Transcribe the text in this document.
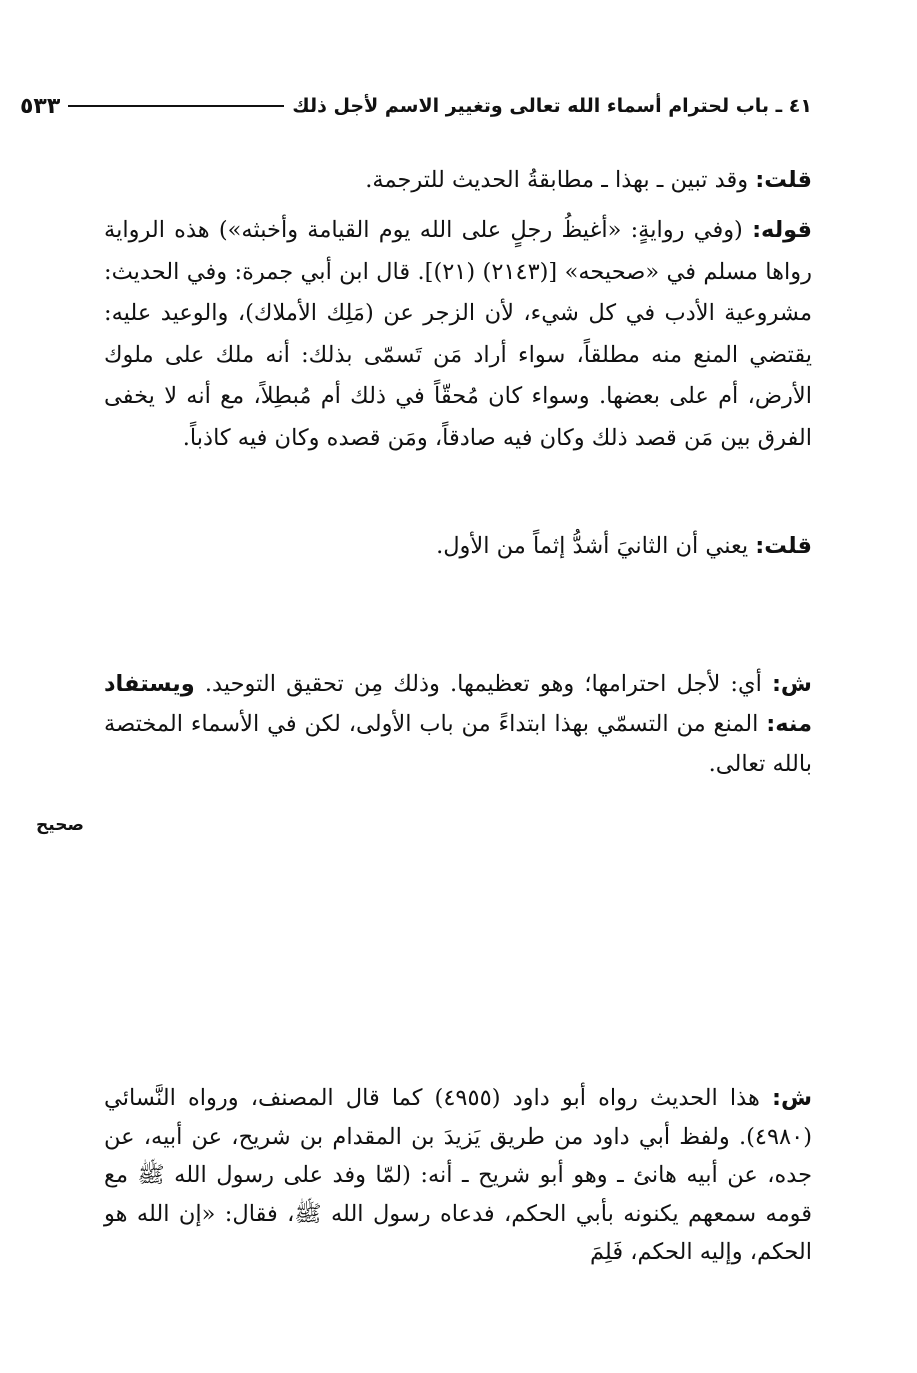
٤١ ـ باب لحترام أسماء الله تعالى وتغيير الاسم لأجل ذلك
٥٣٣

قلت: وقد تبين ـ بهذا ـ مطابقةُ الحديث للترجمة.

قوله: (وفي روايةٍ: «أغيظُ رجلٍ على الله يوم القيامة وأخبثه») هذه الرواية رواها مسلم في «صحيحه» [(٢١٤٣) (٢١)]. قال ابن أبي جمرة: وفي الحديث: مشروعية الأدب في كل شيء، لأن الزجر عن (مَلِك الأملاك)، والوعيد عليه: يقتضي المنع منه مطلقاً، سواء أراد مَن تَسمّى بذلك: أنه ملك على ملوك الأرض، أم على بعضها. وسواء كان مُحقّاً في ذلك أم مُبطِلاً، مع أنه لا يخفى الفرق بين مَن قصد ذلك وكان فيه صادقاً، ومَن قصده وكان فيه كاذباً.

قلت: يعني أن الثانيَ أشدُّ إثماً من الأول.

ش: أي: لأجل احترامها؛ وهو تعظيمها. وذلك مِن تحقيق التوحيد. ويستفاد منه: المنع من التسمّي بهذا ابتداءً من باب الأولى، لكن في الأسماء المختصة بالله تعالى.

صحيح

ش: هذا الحديث رواه أبو داود (٤٩٥٥) كما قال المصنف، ورواه النَّسائي (٤٩٨٠). ولفظ أبي داود من طريق يَزيدَ بن المقدام بن شريح، عن أبيه، عن جده، عن أبيه هانئ ـ وهو أبو شريح ـ أنه: (لمّا وفد على رسول الله ﷺ مع قومه سمعهم يكنونه بأبي الحكم، فدعاه رسول الله ﷺ، فقال: «إن الله هو الحكم، وإليه الحكم، فَلِمَ
